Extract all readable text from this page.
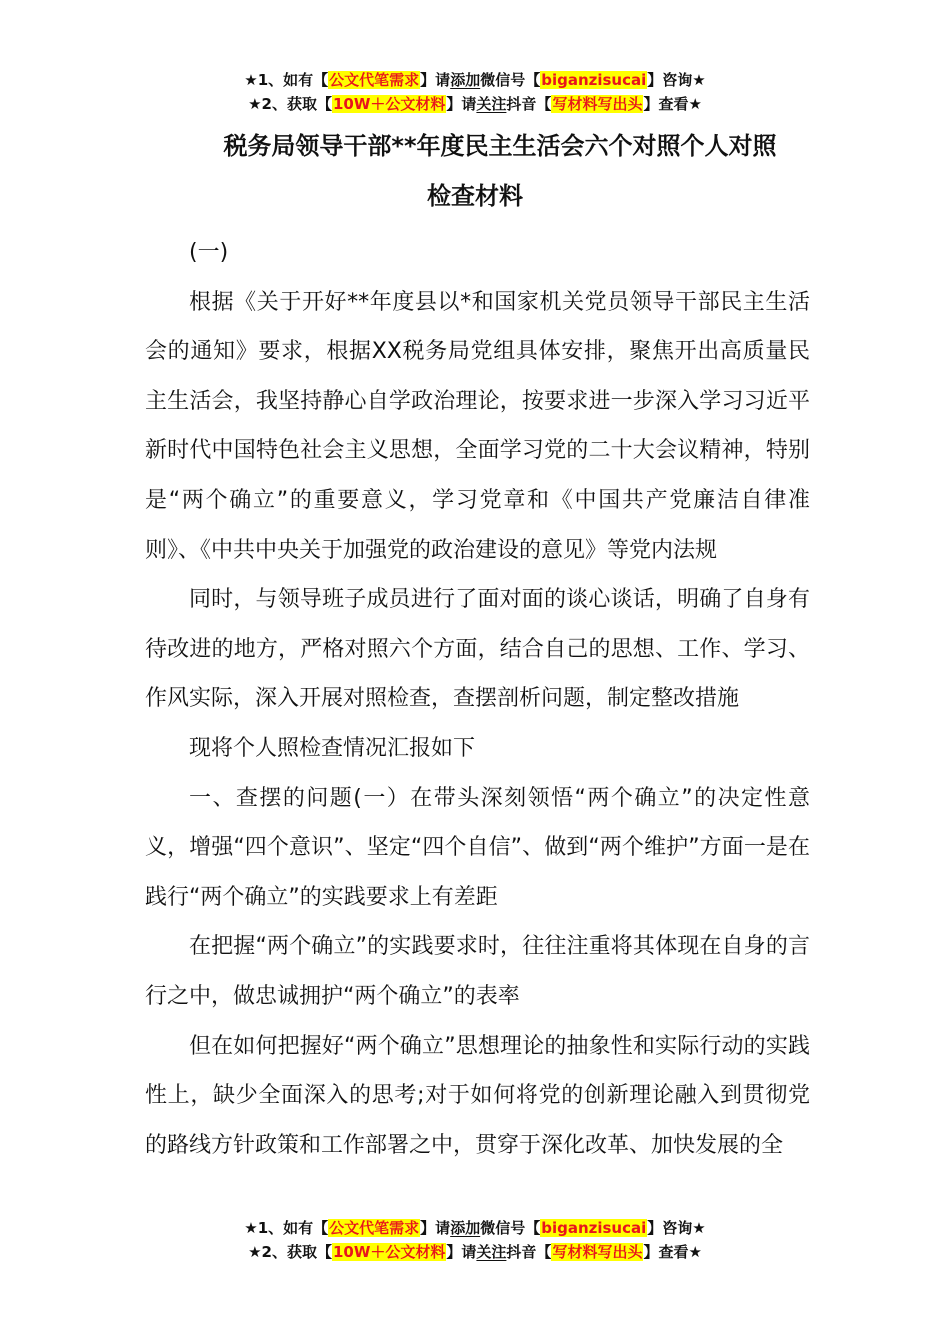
★1、如有【公文代笔需求】请添加微信号【biganzisucai】咨询★
★2、获取【10W＋公文材料】请关注抖音【写材料写出头】查看★
税务局领导干部**年度民主生活会六个对照个人对照
检查材料

(一)

根据《关于开好**年度县以*和国家机关党员领导干部民主生活会的通知》要求，根据XX税务局党组具体安排，聚焦开出高质量民主生活会，我坚持静心自学政治理论，按要求进一步深入学习习近平新时代中国特色社会主义思想，全面学习党的二十大会议精神，特别是“两个确立”的重要意义，学习党章和《中国共产党廉洁自律准则》、《中共中央关于加强党的政治建设的意见》等党内法规

同时，与领导班子成员进行了面对面的谈心谈话，明确了自身有待改进的地方，严格对照六个方面，结合自己的思想、工作、学习、作风实际，深入开展对照检查，查摆剖析问题，制定整改措施

现将个人照检查情况汇报如下

一、查摆的问题(一）在带头深刻领悟“两个确立”的决定性意义，增强“四个意识”、坚定“四个自信”、做到“两个维护”方面一是在践行“两个确立”的实践要求上有差距

在把握“两个确立”的实践要求时，往往注重将其体现在自身的言行之中，做忠诚拥护“两个确立”的表率

但在如何把握好“两个确立”思想理论的抽象性和实际行动的实践性上，缺少全面深入的思考;对于如何将党的创新理论融入到贯彻党的路线方针政策和工作部署之中，贯穿于深化改革、加快发展的全

★1、如有【公文代笔需求】请添加微信号【biganzisucai】咨询★
★2、获取【10W＋公文材料】请关注抖音【写材料写出头】查看★
